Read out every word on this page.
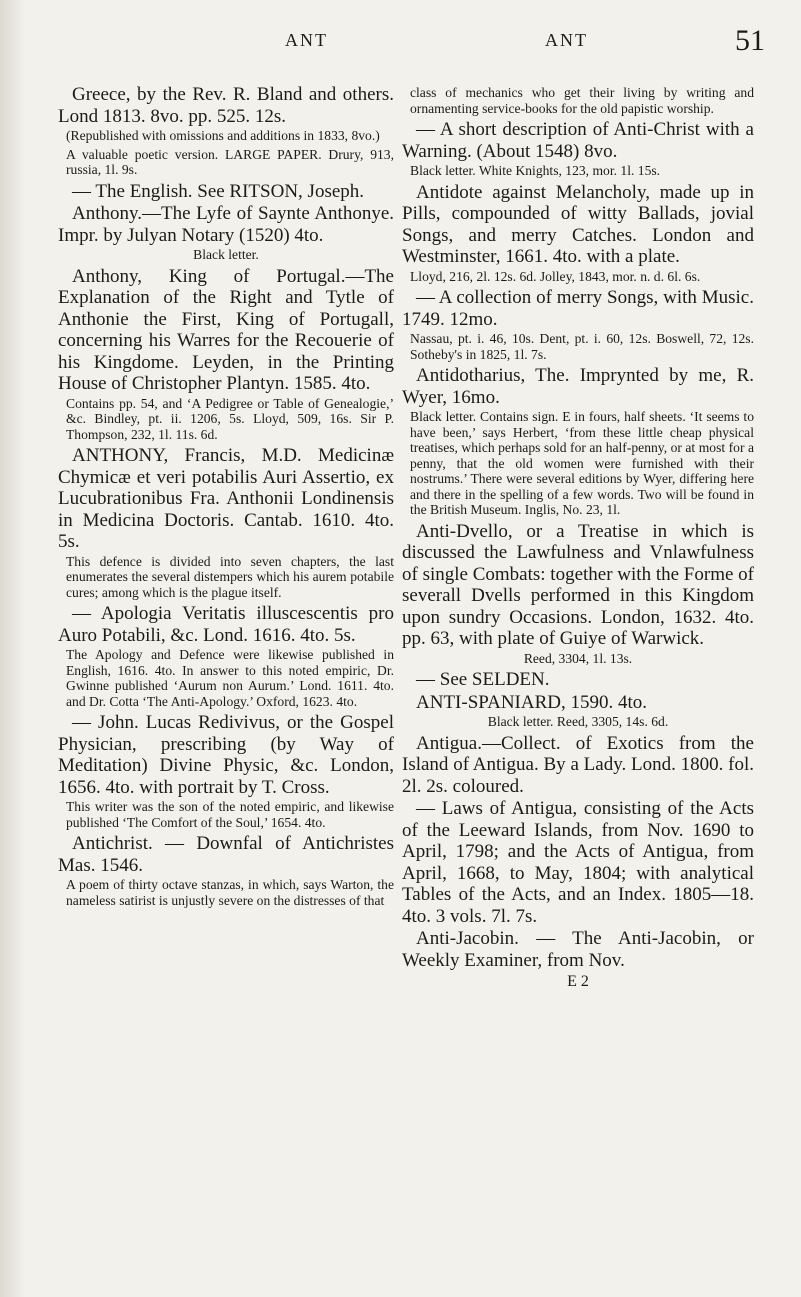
ANT	ANT	51

Greece, by the Rev. R. Bland and others. Lond 1813. 8vo. pp. 525. 12s.

(Republished with omissions and additions in 1833, 8vo.)

A valuable poetic version. LARGE PAPER. Drury, 913, russia, 1l. 9s.

— The English. See RITSON, Joseph.

Anthony.—The Lyfe of Saynte Anthonye. Impr. by Julyan Notary (1520) 4to.

Black letter.

Anthony, King of Portugal.—The Explanation of the Right and Tytle of Anthonie the First, King of Portugall, concerning his Warres for the Recouerie of his Kingdome. Leyden, in the Printing House of Christopher Plantyn. 1585. 4to.

Contains pp. 54, and ‘A Pedigree or Table of Genealogie,’ &c. Bindley, pt. ii. 1206, 5s. Lloyd, 509, 16s. Sir P. Thompson, 232, 1l. 11s. 6d.

ANTHONY, Francis, M.D. Medicinæ Chymicæ et veri potabilis Auri Assertio, ex Lucubrationibus Fra. Anthonii Londinensis in Medicina Doctoris. Cantab. 1610. 4to. 5s.

This defence is divided into seven chapters, the last enumerates the several distempers which his aurem potabile cures; among which is the plague itself.

— Apologia Veritatis illuscescentis pro Auro Potabili, &c. Lond. 1616. 4to. 5s.

The Apology and Defence were likewise published in English, 1616. 4to. In answer to this noted empiric, Dr. Gwinne published ‘Aurum non Aurum.’ Lond. 1611. 4to. and Dr. Cotta ‘The Anti-Apology.’ Oxford, 1623. 4to.

— John. Lucas Redivivus, or the Gospel Physician, prescribing (by Way of Meditation) Divine Physic, &c. London, 1656. 4to. with portrait by T. Cross.

This writer was the son of the noted empiric, and likewise published ‘The Comfort of the Soul,’ 1654. 4to.

Antichrist. — Downfal of Antichristes Mas. 1546.

A poem of thirty octave stanzas, in which, says Warton, the nameless satirist is unjustly severe on the distresses of that

class of mechanics who get their living by writing and ornamenting service-books for the old papistic worship.

— A short description of Anti-Christ with a Warning. (About 1548) 8vo.

Black letter. White Knights, 123, mor. 1l. 15s.

Antidote against Melancholy, made up in Pills, compounded of witty Ballads, jovial Songs, and merry Catches. London and Westminster, 1661. 4to. with a plate.

Lloyd, 216, 2l. 12s. 6d. Jolley, 1843, mor. n. d. 6l. 6s.

— A collection of merry Songs, with Music. 1749. 12mo.

Nassau, pt. i. 46, 10s. Dent, pt. i. 60, 12s. Boswell, 72, 12s. Sotheby's in 1825, 1l. 7s.

Antidotharius, The. Imprynted by me, R. Wyer, 16mo.

Black letter. Contains sign. E in fours, half sheets. ‘It seems to have been,’ says Herbert, ‘from these little cheap physical treatises, which perhaps sold for an half-penny, or at most for a penny, that the old women were furnished with their nostrums.’ There were several editions by Wyer, differing here and there in the spelling of a few words. Two will be found in the British Museum. Inglis, No. 23, 1l.

Anti-Dvello, or a Treatise in which is discussed the Lawfulness and Vnlawfulness of single Combats: together with the Forme of severall Dvells performed in this Kingdom upon sundry Occasions. London, 1632. 4to. pp. 63, with plate of Guiye of Warwick.

Reed, 3304, 1l. 13s.

— See SELDEN.

ANTI-SPANIARD, 1590. 4to.

Black letter. Reed, 3305, 14s. 6d.

Antigua.—Collect. of Exotics from the Island of Antigua. By a Lady. Lond. 1800. fol. 2l. 2s. coloured.

— Laws of Antigua, consisting of the Acts of the Leeward Islands, from Nov. 1690 to April, 1798; and the Acts of Antigua, from April, 1668, to May, 1804; with analytical Tables of the Acts, and an Index. 1805—18. 4to. 3 vols. 7l. 7s.

Anti-Jacobin. — The Anti-Jacobin, or Weekly Examiner, from Nov.

E 2
